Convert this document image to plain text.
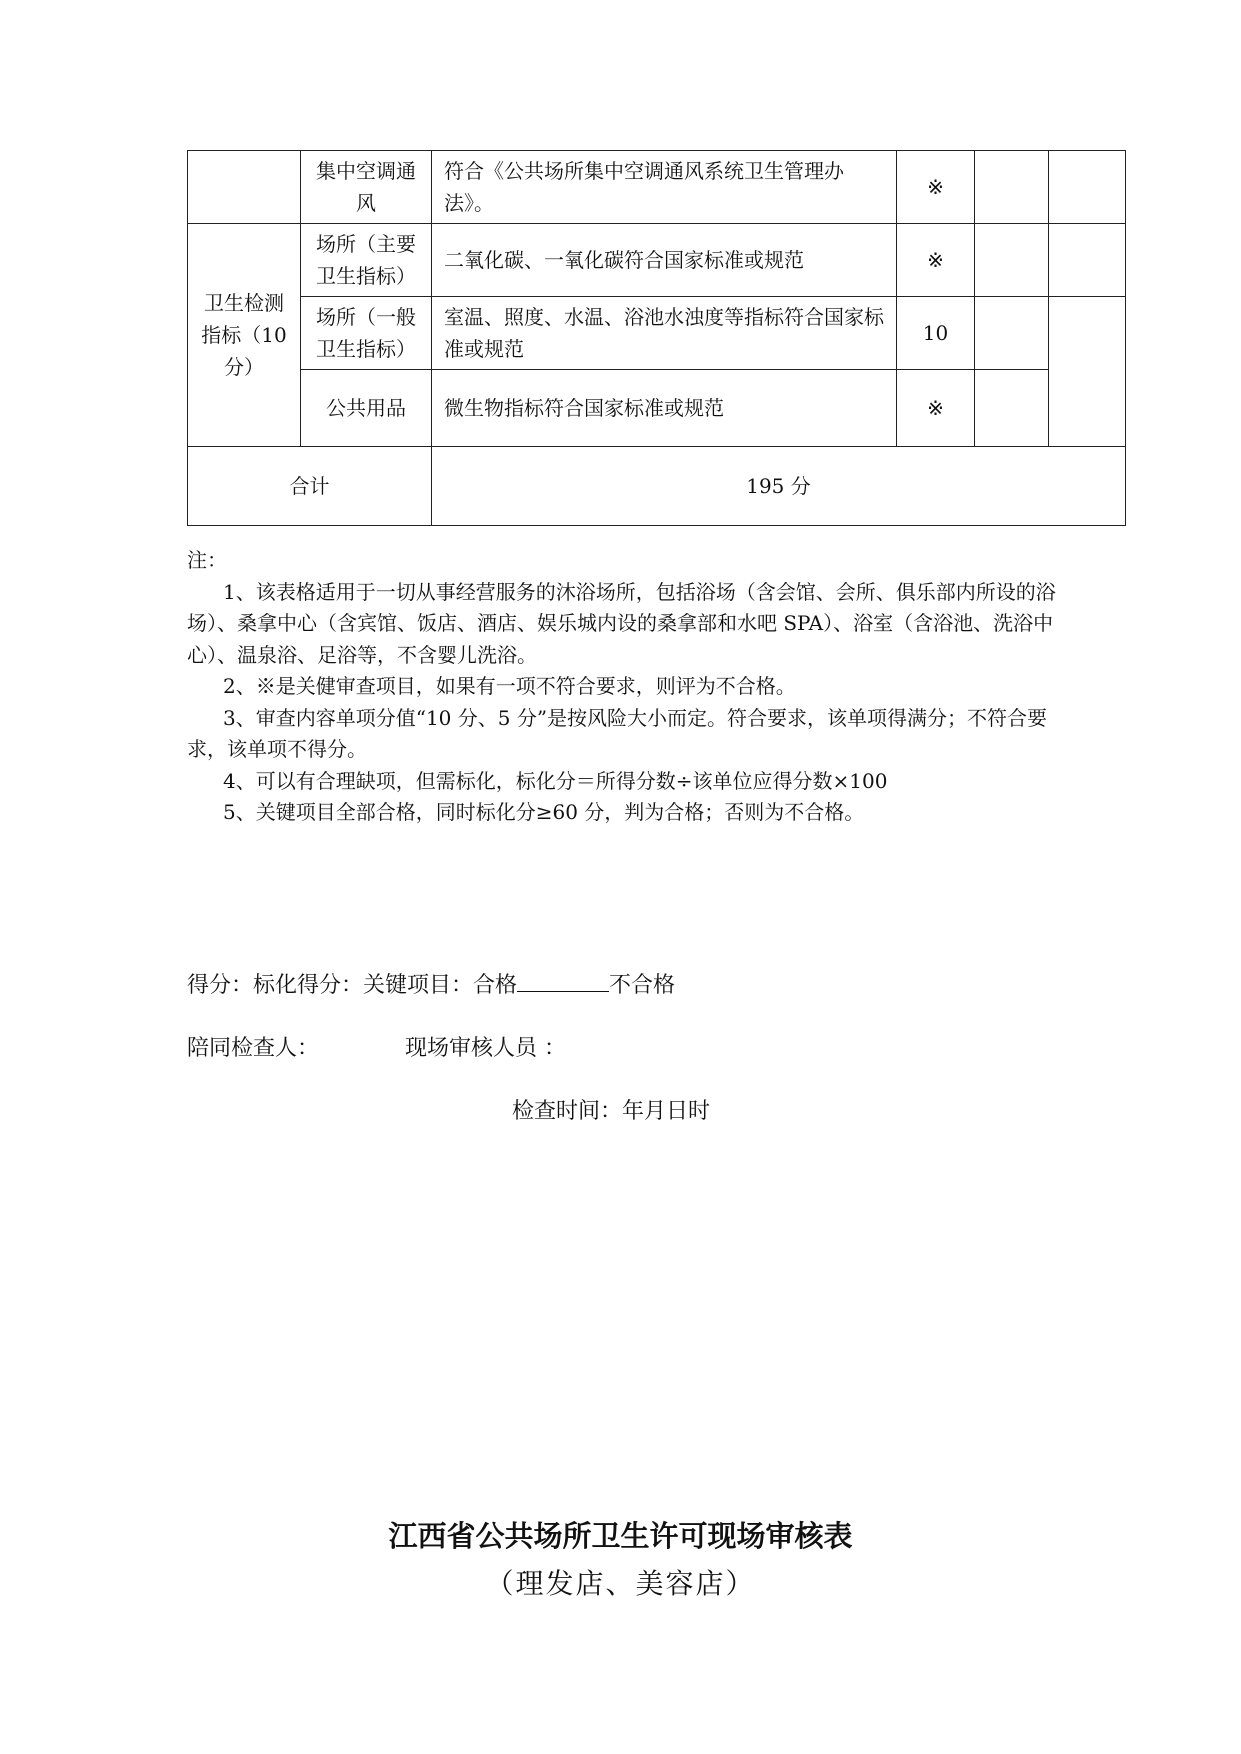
	集中空调通风	符合《公共场所集中空调通风系统卫生管理办法》。	※		
卫生检测指标（10 分）	场所（主要卫生指标）	二氧化碳、一氧化碳符合国家标准或规范	※		
	场所（一般卫生指标）	室温、照度、水温、浴池水浊度等指标符合国家标准或规范	10		
	公共用品	微生物指标符合国家标准或规范	※		
合计		195 分			

注：

1、该表格适用于一切从事经营服务的沐浴场所，包括浴场（含会馆、会所、俱乐部内所设的浴场）、桑拿中心（含宾馆、饭店、酒店、娱乐城内设的桑拿部和水吧 SPA）、浴室（含浴池、洗浴中心）、温泉浴、足浴等，不含婴儿洗浴。

2、※是关健审查项目，如果有一项不符合要求，则评为不合格。

3、审查内容单项分值“10 分、5 分”是按风险大小而定。符合要求，该单项得满分；不符合要求，该单项不得分。

4、可以有合理缺项，但需标化，标化分＝所得分数÷该单位应得分数×100

5、关键项目全部合格，同时标化分≥60 分，判为合格；否则为不合格。

得分：标化得分：关键项目：合格	不合格
陪同检查人：	现场审核人员 ：
检查时间：年月日时
江西省公共场所卫生许可现场审核表
（理发店、美容店）
